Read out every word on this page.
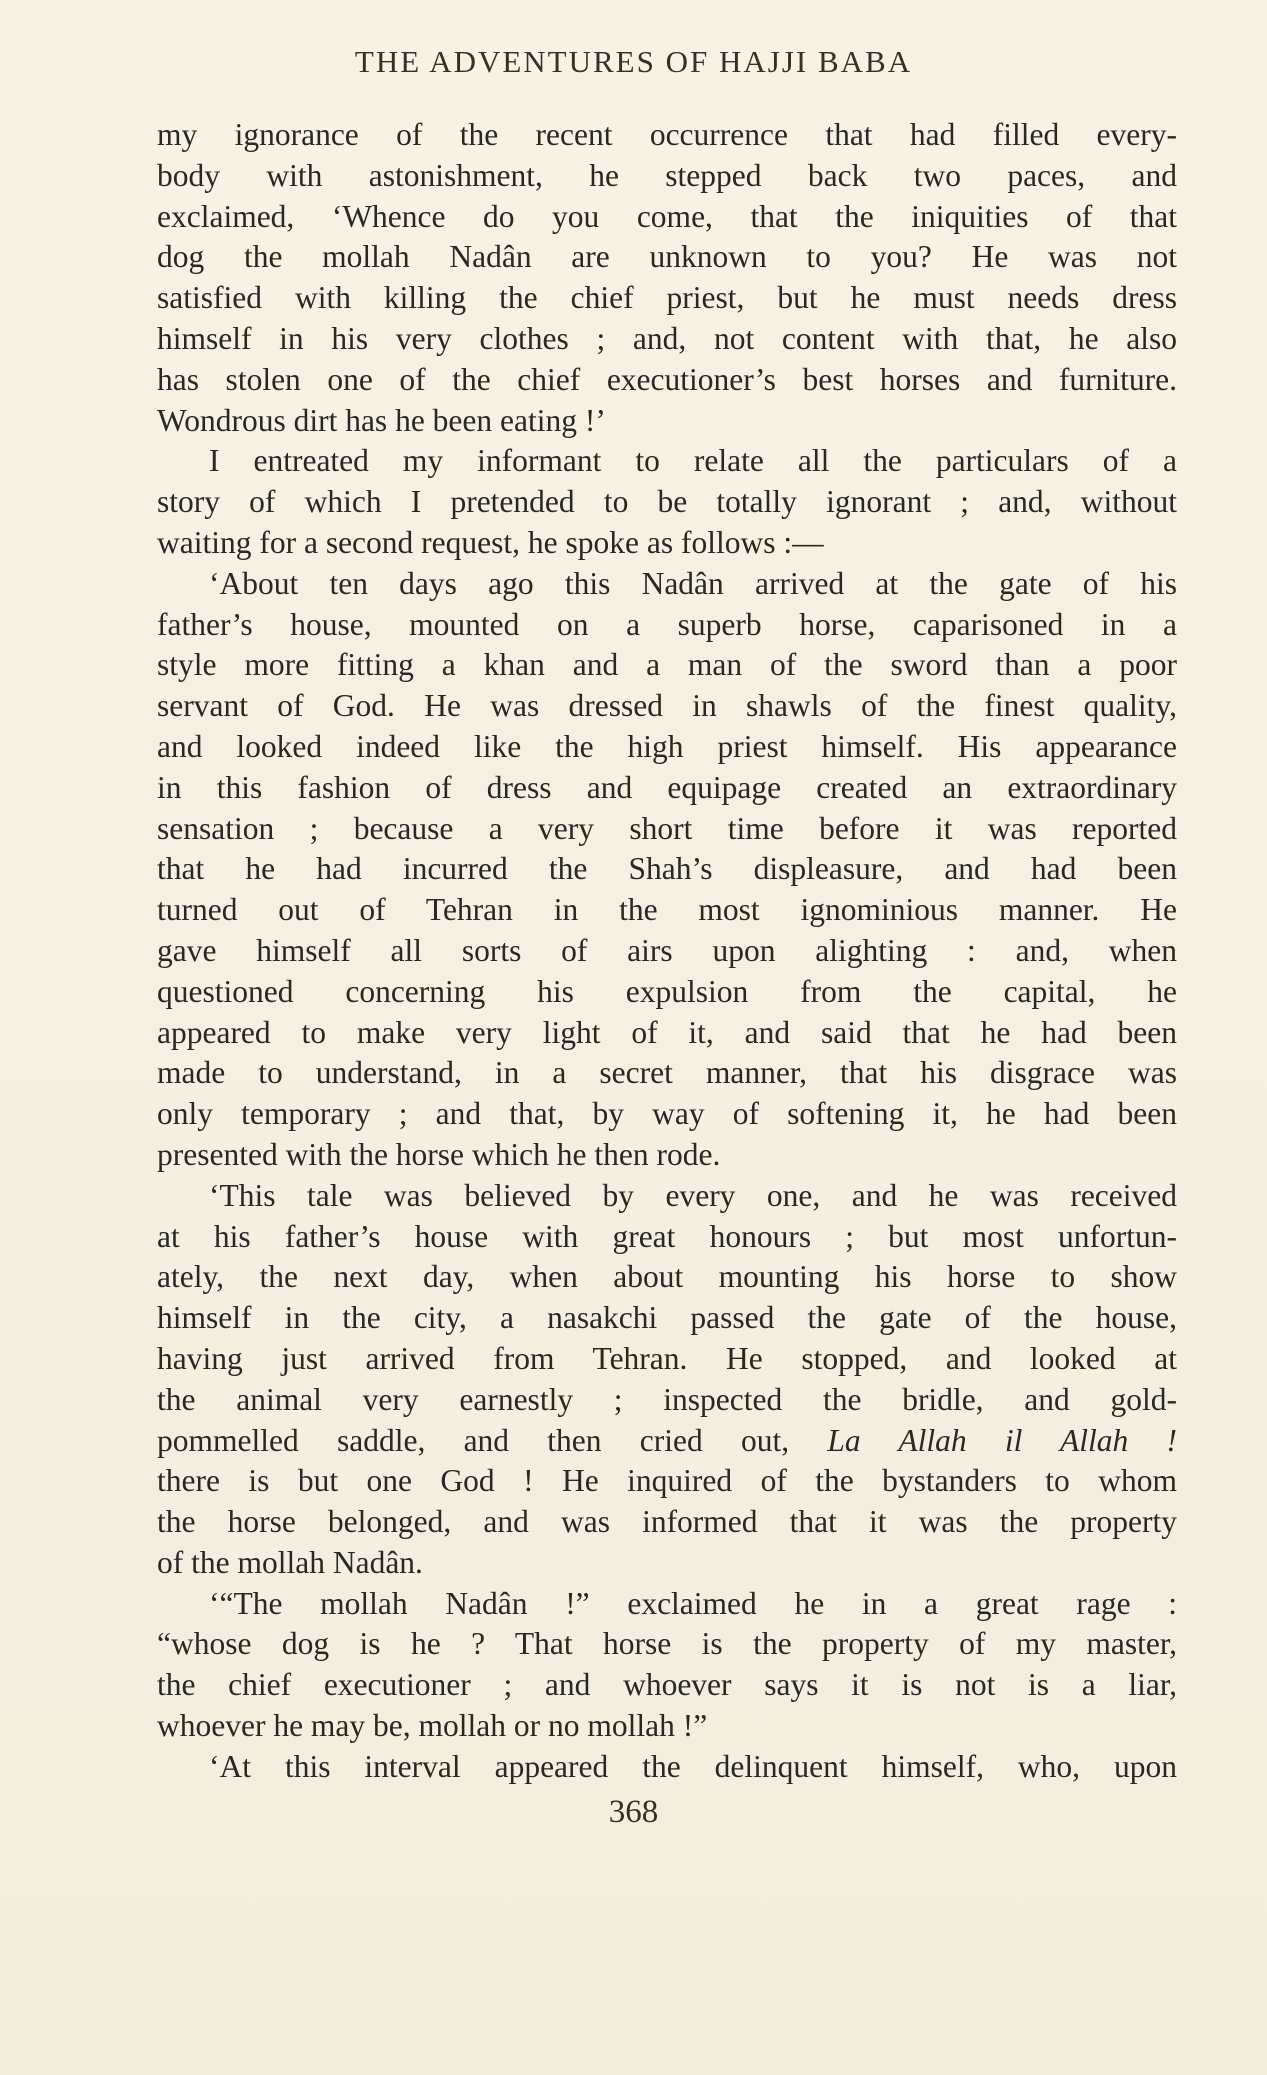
THE ADVENTURES OF HAJJI BABA
my ignorance of the recent occurrence that had filled every-
body with astonishment, he stepped back two paces, and
exclaimed, ‘Whence do you come, that the iniquities of that
dog the mollah Nadân are unknown to you? He was not
satisfied with killing the chief priest, but he must needs dress
himself in his very clothes ; and, not content with that, he also
has stolen one of the chief executioner’s best horses and furniture.
Wondrous dirt has he been eating !’
I entreated my informant to relate all the particulars of a
story of which I pretended to be totally ignorant ; and, without
waiting for a second request, he spoke as follows :—
‘About ten days ago this Nadân arrived at the gate of his
father’s house, mounted on a superb horse, caparisoned in a
style more fitting a khan and a man of the sword than a poor
servant of God. He was dressed in shawls of the finest quality,
and looked indeed like the high priest himself. His appearance
in this fashion of dress and equipage created an extraordinary
sensation ; because a very short time before it was reported
that he had incurred the Shah’s displeasure, and had been
turned out of Tehran in the most ignominious manner. He
gave himself all sorts of airs upon alighting : and, when
questioned concerning his expulsion from the capital, he
appeared to make very light of it, and said that he had been
made to understand, in a secret manner, that his disgrace was
only temporary ; and that, by way of softening it, he had been
presented with the horse which he then rode.
‘This tale was believed by every one, and he was received
at his father’s house with great honours ; but most unfortun-
ately, the next day, when about mounting his horse to show
himself in the city, a nasakchi passed the gate of the house,
having just arrived from Tehran. He stopped, and looked at
the animal very earnestly ; inspected the bridle, and gold-
pommelled saddle, and then cried out, La Allah il Allah !
there is but one God ! He inquired of the bystanders to whom
the horse belonged, and was informed that it was the property
of the mollah Nadân.
‘“The mollah Nadân !” exclaimed he in a great rage :
“whose dog is he ? That horse is the property of my master,
the chief executioner ; and whoever says it is not is a liar,
whoever he may be, mollah or no mollah !”
‘At this interval appeared the delinquent himself, who, upon
368
